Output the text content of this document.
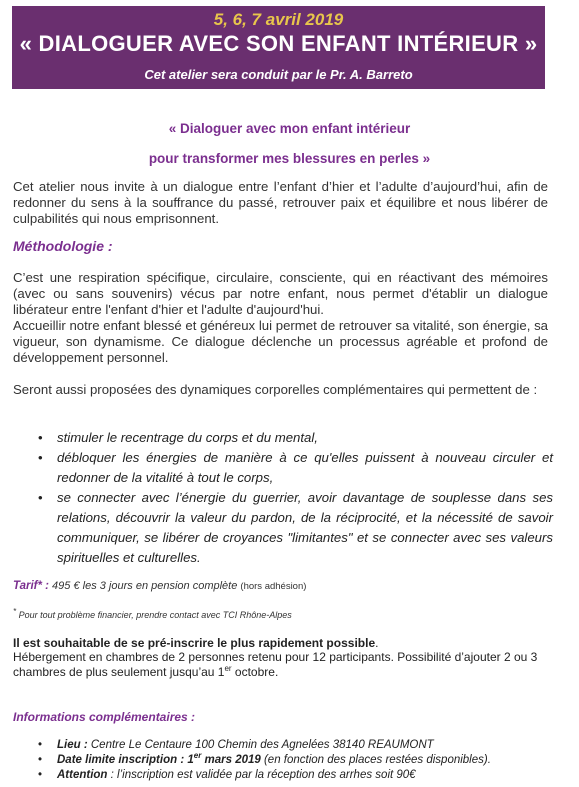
5, 6, 7 avril 2019
« DIALOGUER AVEC SON ENFANT INTÉRIEUR »
Cet atelier sera conduit par le Pr. A. Barreto
« Dialoguer avec mon enfant intérieur
pour transformer mes blessures en perles »
Cet atelier nous invite à un dialogue entre l’enfant d’hier et l’adulte d’aujourd’hui, afin de redonner du sens à la souffrance du passé, retrouver paix et équilibre et nous libérer de culpabilités qui nous emprisonnent.
Méthodologie :
C’est une respiration spécifique, circulaire, consciente, qui en réactivant des mémoires (avec ou sans souvenirs) vécus par notre enfant, nous permet d'établir un dialogue libérateur entre l'enfant d'hier et l'adulte d'aujourd'hui.
Accueillir notre enfant blessé et généreux lui permet de retrouver sa vitalité, son énergie, sa vigueur, son dynamisme. Ce dialogue déclenche un processus agréable et profond de développement personnel.
Seront aussi proposées des dynamiques corporelles complémentaires qui permettent de :
• stimuler le recentrage du corps et du mental,
• débloquer les énergies de manière à ce qu'elles puissent à nouveau circuler et redonner de la vitalité à tout le corps,
• se connecter avec l’énergie du guerrier, avoir davantage de souplesse dans ses relations, découvrir la valeur du pardon, de la réciprocité, et la nécessité de savoir communiquer, se libérer de croyances "limitantes" et se connecter avec ses valeurs spirituelles et culturelles.
Tarif* : 495 € les 3 jours en pension complète (hors adhésion)
* Pour tout problème financier, prendre contact avec TCI Rhône-Alpes
Il est souhaitable de se pré-inscrire le plus rapidement possible.
Hébergement en chambres de 2 personnes retenu pour 12 participants. Possibilité d’ajouter 2 ou 3 chambres de plus seulement jusqu’au 1er octobre.
Informations complémentaires :
• Lieu : Centre Le Centaure 100 Chemin des Agnelées 38140 REAUMONT
• Date limite inscription : 1er mars 2019 (en fonction des places restées disponibles).
• Attention : l’inscription est validée par la réception des arrhes soit 90€
